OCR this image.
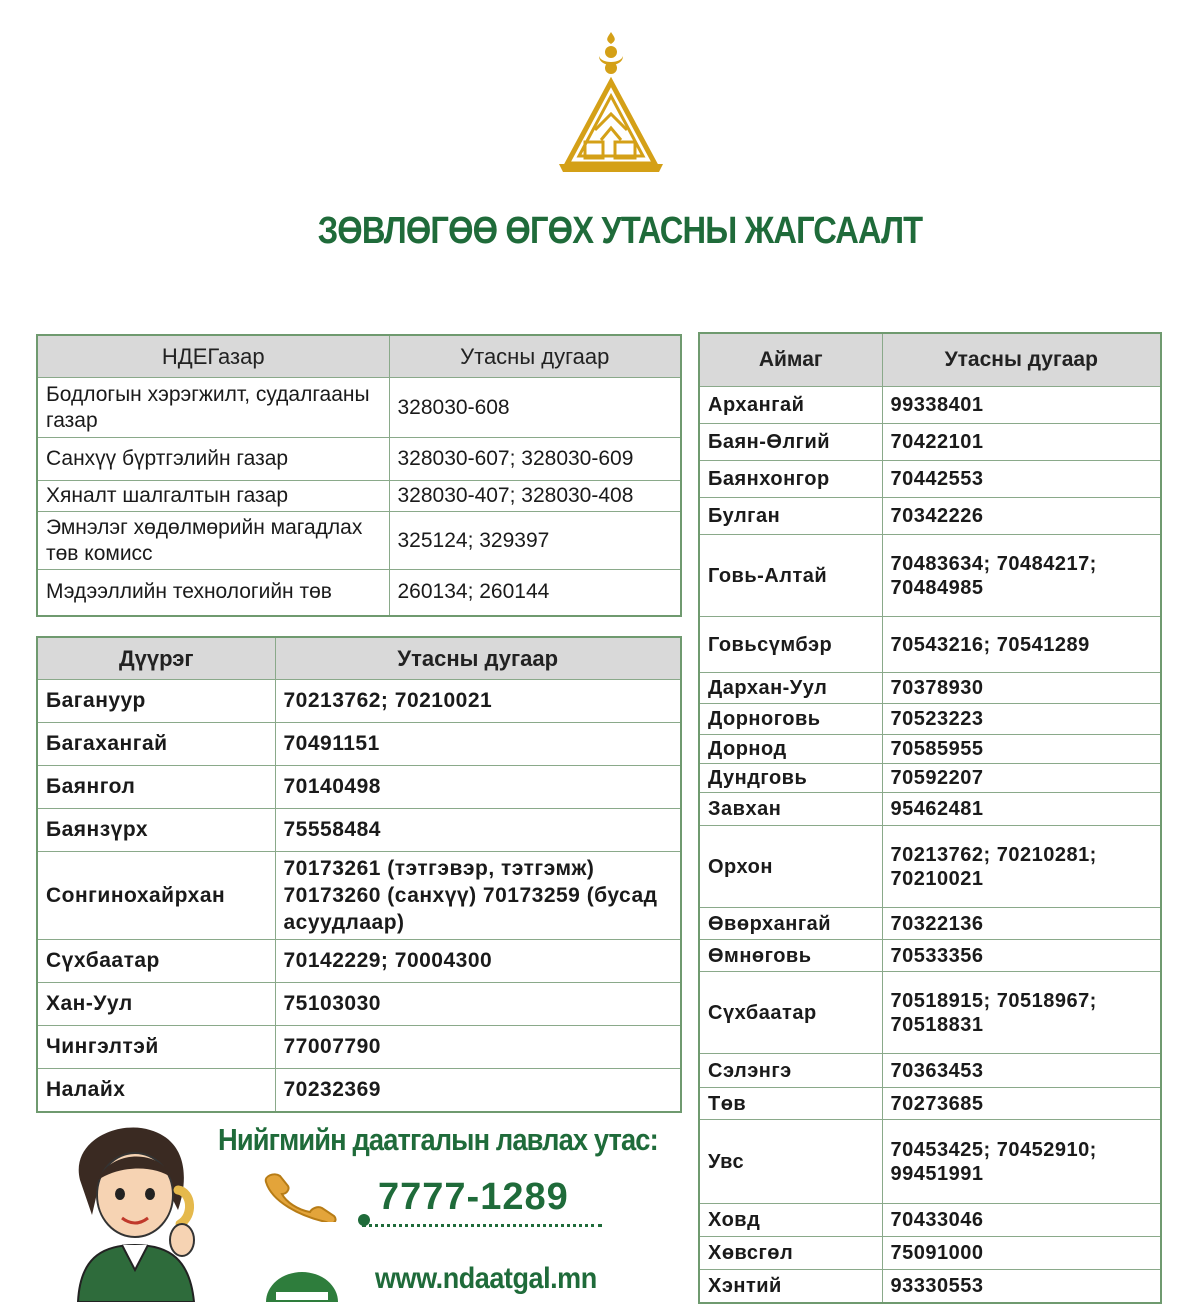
ЗӨВЛӨГӨӨ ӨГӨХ УТАСНЫ ЖАГСААЛТ
НДЕГазар	Утасны дугаар
Бодлогын хэрэгжилт, судалгааны газар	328030-608
Санхүү бүртгэлийн газар	328030-607; 328030-609
Хяналт шалгалтын газар	328030-407; 328030-408
Эмнэлэг хөдөлмөрийн магадлах төв комисс	325124; 329397
Мэдээллийн технологийн төв	260134; 260144
Дүүрэг	Утасны дугаар
Багануур	70213762; 70210021
Багахангай	70491151
Баянгол	70140498
Баянзүрх	75558484
Сонгинохайрхан	70173261 (тэтгэвэр, тэтгэмж) 70173260 (санхүү) 70173259 (бусад асуудлаар)
Сүхбаатар	70142229; 70004300
Хан-Уул	75103030
Чингэлтэй	77007790
Налайх	70232369
Аймаг	Утасны дугаар
Архангай	99338401
Баян-Өлгий	70422101
Баянхонгор	70442553
Булган	70342226
Говь-Алтай	70483634; 70484217; 70484985
Говьсүмбэр	70543216; 70541289
Дархан-Уул	70378930
Дорноговь	70523223
Дорнод	70585955
Дундговь	70592207
Завхан	95462481
Орхон	70213762; 70210281; 70210021
Өвөрхангай	70322136
Өмнөговь	70533356
Сүхбаатар	70518915; 70518967; 70518831
Сэлэнгэ	70363453
Төв	70273685
Увс	70453425; 70452910; 99451991
Ховд	70433046
Хөвсгөл	75091000
Хэнтий	93330553
Нийгмийн даатгалын лавлах утас:
7777-1289
www.ndaatgal.mn
